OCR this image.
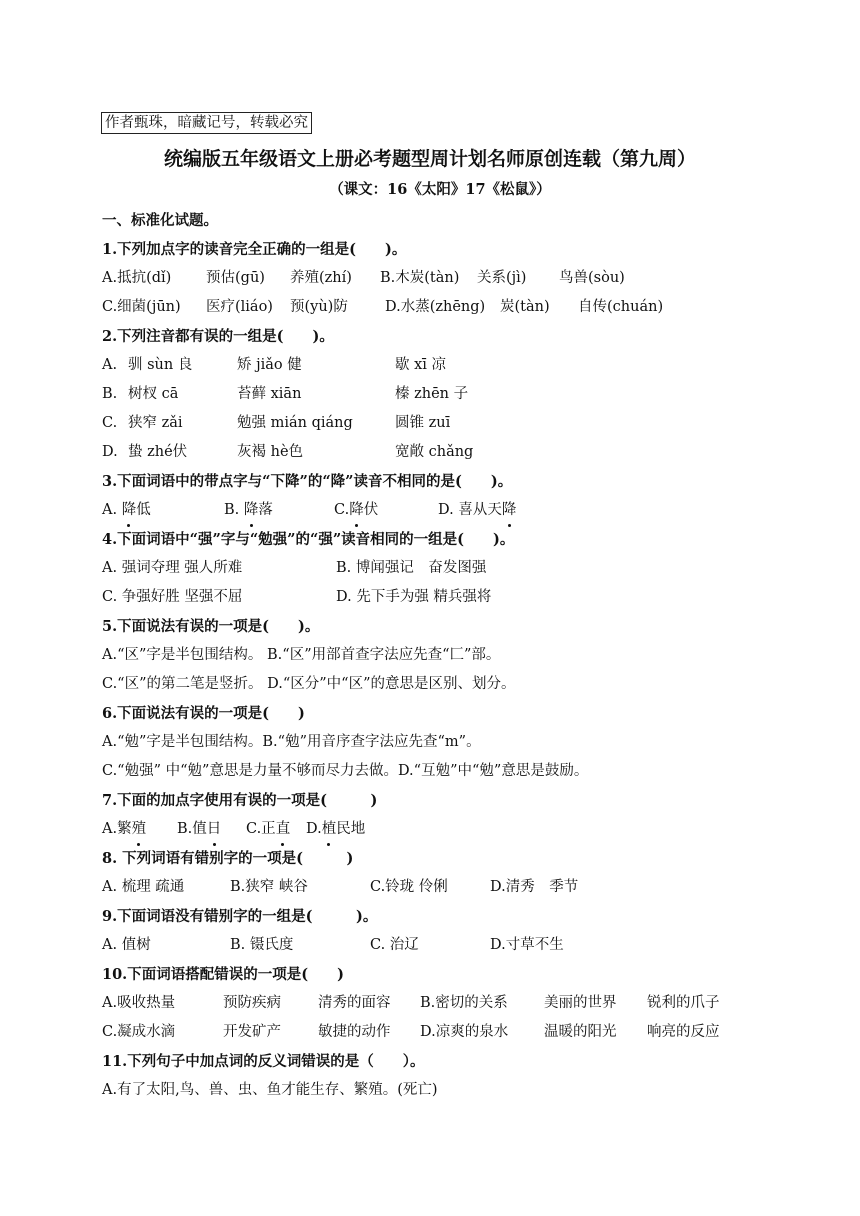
作者甄珠，暗藏记号，转载必究
统编版五年级语文上册必考题型周计划名师原创连载（第九周）
（课文：16《太阳》17《松鼠》）
一、标准化试题。
1.下列加点字的读音完全正确的一组是(　　)。
A.抵抗(dǐ) 预估(gū) 养殖(zhí) B.木炭(tàn) 关系(jì) 鸟兽(sòu)
C.细菌(jūn) 医疗(liáo) 预(yù)防	D.水蒸(zhēng) 炭(tàn) 自传(chuán)
2.下列注音都有误的一组是(　　)。
A. 驯 sùn 良	矫 jiǎo 健	歇 xī 凉
B. 树杈 cā	苔藓 xiān	榛 zhēn 子
C. 狭窄 zǎi	勉强 mián qiáng	圆锥 zuī
D. 蛰 zhé伏	灰褐 hè色	宽敞 chǎng
3.下面词语中的带点字与“下降”的“降”读音不相同的是(　　)。
A. 降低	B. 降落	C.降伏	D. 喜从天降
4.下面词语中“强”字与“勉强”的“强”读音相同的一组是(　　)。
A. 强词夺理 强人所难	B. 博闻强记　奋发图强
C. 争强好胜 坚强不屈	D. 先下手为强 精兵强将
5.下面说法有误的一项是(　　)。
A.“区”字是半包围结构。 B.“区”用部首查字法应先查“匚”部。
C.“区”的第二笔是竖折。 D.“区分”中“区”的意思是区别、划分。
6.下面说法有误的一项是(　　)
A.“勉”字是半包围结构。B.“勉”用音序查字法应先查“m”。
C.“勉强” 中“勉”意思是力量不够而尽力去做。D.“互勉”中“勉”意思是鼓励。
7.下面的加点字使用有误的一项是(　　　)
A.繁殖 B.值日 C.正直 D.植民地
8. 下列词语有错别字的一项是(　　　)
A. 梳理 疏通	B.狭窄 峡谷	C.铃珑 伶俐	D.清秀　季节
9.下面词语没有错别字的一组是(　　　)。
A. 值树	B. 镊氏度	C. 治辽	D.寸草不生
10.下面词语搭配错误的一项是(　　)
A.吸收热量	预防疾病	清秀的面容 B.密切的关系 美丽的世界 锐利的爪子
C.凝成水滴	开发矿产	敏捷的动作 D.凉爽的泉水 温暖的阳光 响亮的反应
11.下列句子中加点词的反义词错误的是（　　）。
A.有了太阳,鸟、兽、虫、鱼才能生存、繁殖。(死亡)
